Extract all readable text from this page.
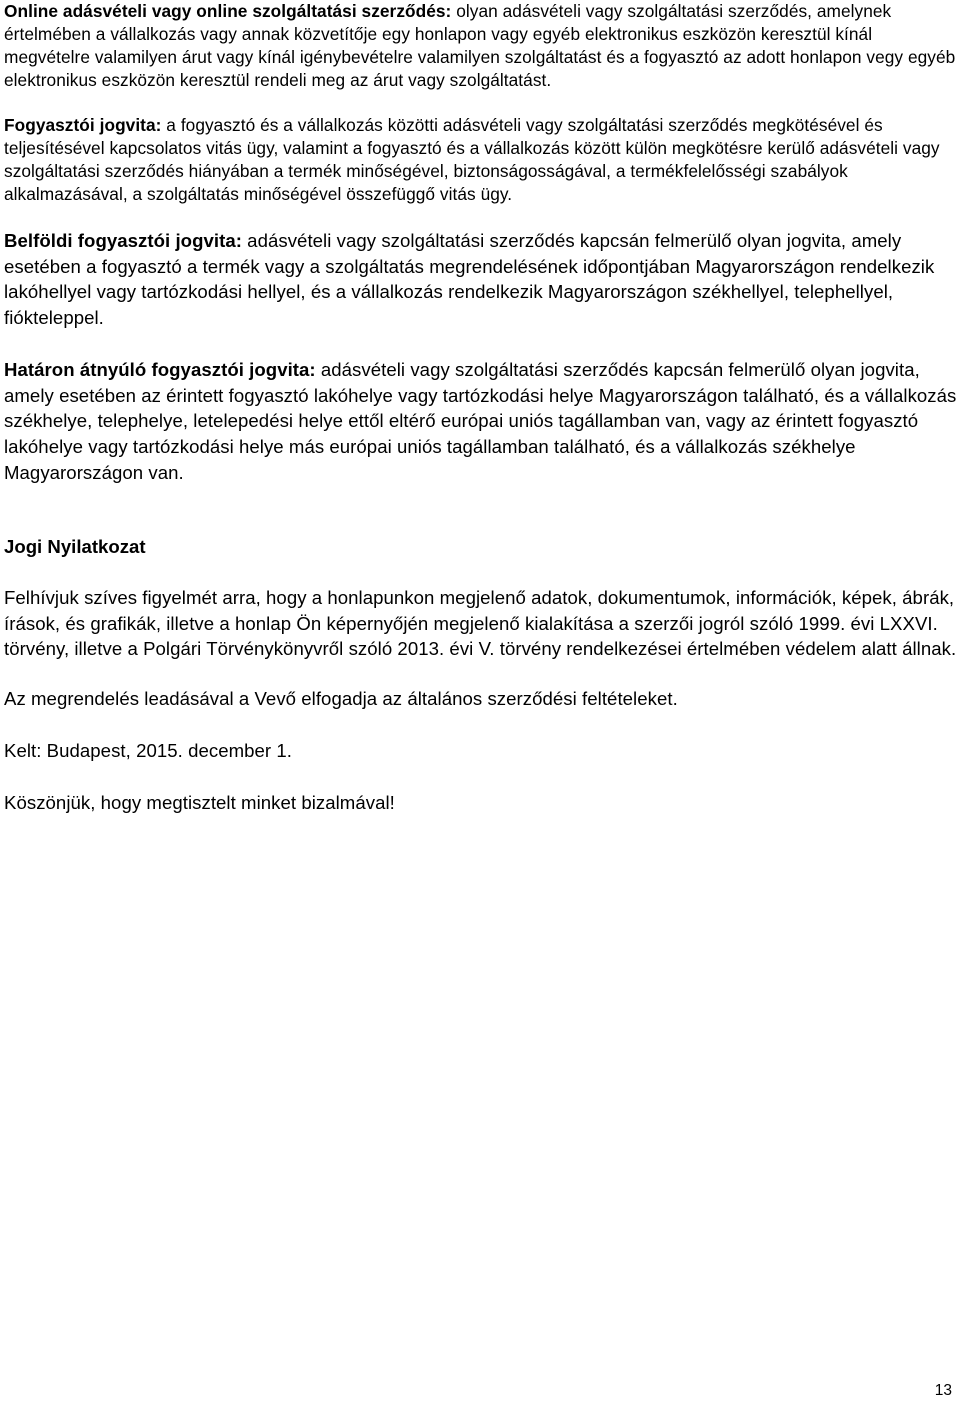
Online adásvételi vagy online szolgáltatási szerződés: olyan adásvételi vagy szolgáltatási szerződés, amelynek értelmében a vállalkozás vagy annak közvetítője egy honlapon vagy egyéb elektronikus eszközön keresztül kínál megvételre valamilyen árut vagy kínál igénybevételre valamilyen szolgáltatást és a fogyasztó az adott honlapon vegy egyéb elektronikus eszközön keresztül rendeli meg az árut vagy szolgáltatást.

Fogyasztói jogvita: a fogyasztó és a vállalkozás közötti adásvételi vagy szolgáltatási szerződés megkötésével és teljesítésével kapcsolatos vitás ügy, valamint a fogyasztó és a vállalkozás között külön megkötésre kerülő adásvételi vagy szolgáltatási szerződés hiányában a termék minőségével, biztonságosságával, a termékfelelősségi szabályok alkalmazásával, a szolgáltatás minőségével összefüggő vitás ügy.

Belföldi fogyasztói jogvita: adásvételi vagy szolgáltatási szerződés kapcsán felmerülő olyan jogvita, amely esetében a fogyasztó a termék vagy a szolgáltatás megrendelésének időpontjában Magyarországon rendelkezik lakóhellyel vagy tartózkodási hellyel, és a vállalkozás rendelkezik Magyarországon székhellyel, telephellyel, fiókteleppel.

Határon átnyúló fogyasztói jogvita: adásvételi vagy szolgáltatási szerződés kapcsán felmerülő olyan jogvita, amely esetében az érintett fogyasztó lakóhelye vagy tartózkodási helye Magyarországon található, és a vállalkozás székhelye, telephelye, letelepedési helye ettől eltérő európai uniós tagállamban van, vagy az érintett fogyasztó lakóhelye vagy tartózkodási helye más európai uniós tagállamban található, és a vállalkozás székhelye Magyarországon van.

Jogi Nyilatkozat

Felhívjuk szíves figyelmét arra, hogy a honlapunkon megjelenő adatok, dokumentumok, információk, képek, ábrák, írások, és grafikák, illetve a honlap Ön képernyőjén megjelenő kialakítása a szerzői jogról szóló 1999. évi LXXVI. törvény, illetve a Polgári Törvénykönyvről szóló 2013. évi V. törvény rendelkezései értelmében védelem alatt állnak.

Az megrendelés leadásával a Vevő elfogadja az általános szerződési feltételeket.

Kelt: Budapest, 2015. december 1.

Köszönjük, hogy megtisztelt minket bizalmával!

13
